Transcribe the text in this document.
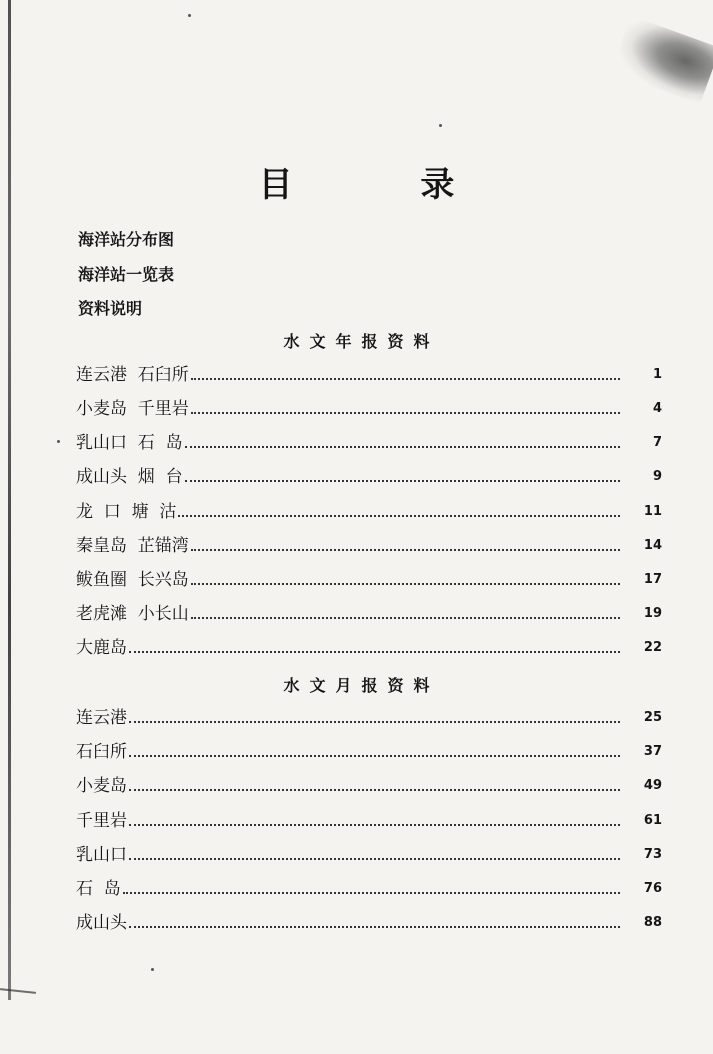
目 录
海洋站分布图
海洋站一览表
资料说明
水文年报资料
连云港  石臼所	1
小麦岛  千里岩	4
乳山口  石  岛	7
成山头  烟  台	9
龙  口  塘  沽	11
秦皇岛  芷锚湾	14
鲅鱼圈  长兴岛	17
老虎滩  小长山	19
大鹿岛	22
水文月报资料
连云港	25
石臼所	37
小麦岛	49
千里岩	61
乳山口	73
石  岛	76
成山头	88
